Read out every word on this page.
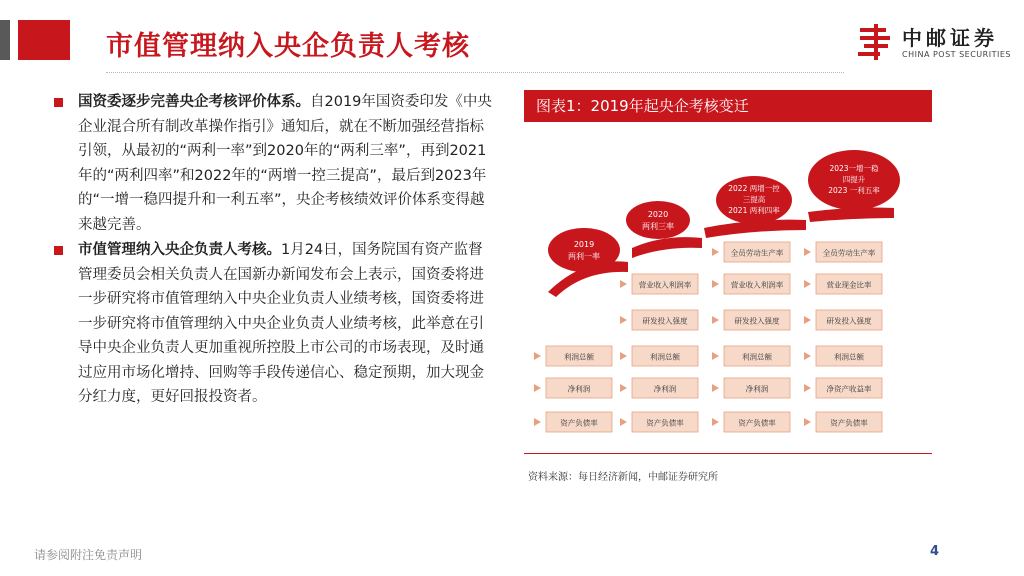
市值管理纳入央企负责人考核	中邮证券
CHINA POST SECURITIES
国资委逐步完善央企考核评价体系。自2019年国资委印发《中央企业混合所有制改革操作指引》通知后，就在不断加强经营指标引领，从最初的“两利一率”到2020年的“两利三率”，再到2021年的“两利四率”和2022年的“两增一控三提高”，最后到2023年的“一增一稳四提升和一利五率”，央企考核绩效评价体系变得越来越完善。
市值管理纳入央企负责人考核。1月24日，国务院国有资产监督管理委员会相关负责人在国新办新闻发布会上表示，国资委将进一步研究将市值管理纳入中央企业负责人业绩考核，国资委将进一步研究将市值管理纳入中央企业负责人业绩考核，此举意在引导中央企业负责人更加重视所控股上市公司的市场表现，及时通过应用市场化增持、回购等手段传递信心、稳定预期，加大现金分红力度，更好回报投资者。
图表1：2019年起央企考核变迁
2019
两利一率
2020
两利三率
2022 两增一控
三提高
2021 两利四率
2023一增一稳
四提升
2023 一利五率
利润总额
净利润
资产负债率
营业收入利润率
研发投入强度
利润总额
净利润
资产负债率
全员劳动生产率
营业收入利润率
研发投入强度
利润总额
净利润
资产负债率
全员劳动生产率
营业现金比率
研发投入强度
利润总额
净资产收益率
资产负债率
资料来源：每日经济新闻，中邮证券研究所
请参阅附注免责声明	4
